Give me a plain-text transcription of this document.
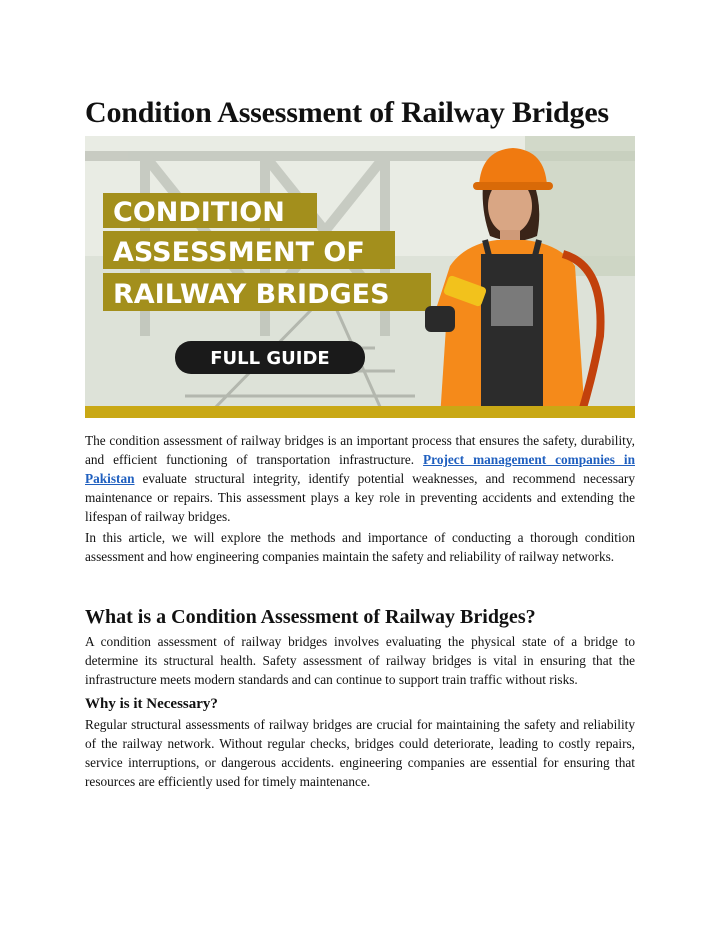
Condition Assessment of Railway Bridges
CONDITION
ASSESSMENT OF
RAILWAY BRIDGES
FULL GUIDE

The condition assessment of railway bridges is an important process that ensures the safety, durability, and efficient functioning of transportation infrastructure. Project management companies in Pakistan evaluate structural integrity, identify potential weaknesses, and recommend necessary maintenance or repairs. This assessment plays a key role in preventing accidents and extending the lifespan of railway bridges.

In this article, we will explore the methods and importance of conducting a thorough condition assessment and how engineering companies maintain the safety and reliability of railway networks.

What is a Condition Assessment of Railway Bridges?

A condition assessment of railway bridges involves evaluating the physical state of a bridge to determine its structural health. Safety assessment of railway bridges is vital in ensuring that the infrastructure meets modern standards and can continue to support train traffic without risks.

Why is it Necessary?

Regular structural assessments of railway bridges are crucial for maintaining the safety and reliability of the railway network. Without regular checks, bridges could deteriorate, leading to costly repairs, service interruptions, or dangerous accidents. engineering companies are essential for ensuring that resources are efficiently used for timely maintenance.
